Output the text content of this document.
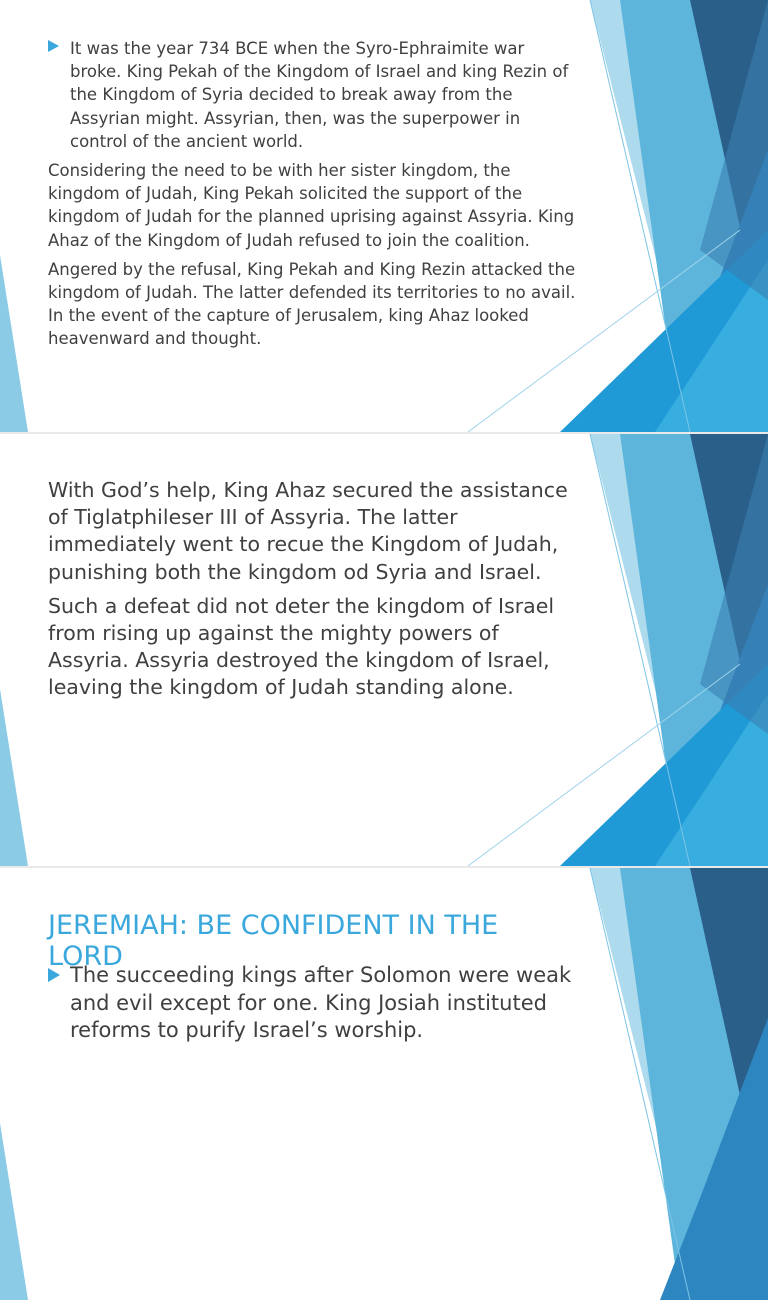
It was the year 734 BCE when the Syro-Ephraimite war broke. King Pekah of the Kingdom of Israel and king Rezin of the Kingdom of Syria decided to break away from the Assyrian might. Assyrian, then, was the superpower in control of the ancient world.

Considering the need to be with her sister kingdom, the kingdom of Judah, King Pekah solicited the support of the kingdom of Judah for the planned uprising against Assyria. King Ahaz of the Kingdom of Judah refused to join the coalition.

Angered by the refusal, King Pekah and King Rezin attacked the kingdom of Judah. The latter defended its territories to no avail. In the event of the capture of Jerusalem, king Ahaz looked heavenward and thought.

With God’s help, King Ahaz secured the assistance of Tiglatphileser III of Assyria. The latter immediately went to recue the Kingdom of Judah, punishing both the kingdom od Syria and Israel.

Such a defeat did not deter the kingdom of Israel from rising up against the mighty powers of Assyria. Assyria destroyed the kingdom of Israel, leaving the kingdom of Judah standing alone.

JEREMIAH: BE CONFIDENT IN THE LORD

The succeeding kings after Solomon were weak and evil except for one. King Josiah instituted reforms to purify Israel’s worship.
